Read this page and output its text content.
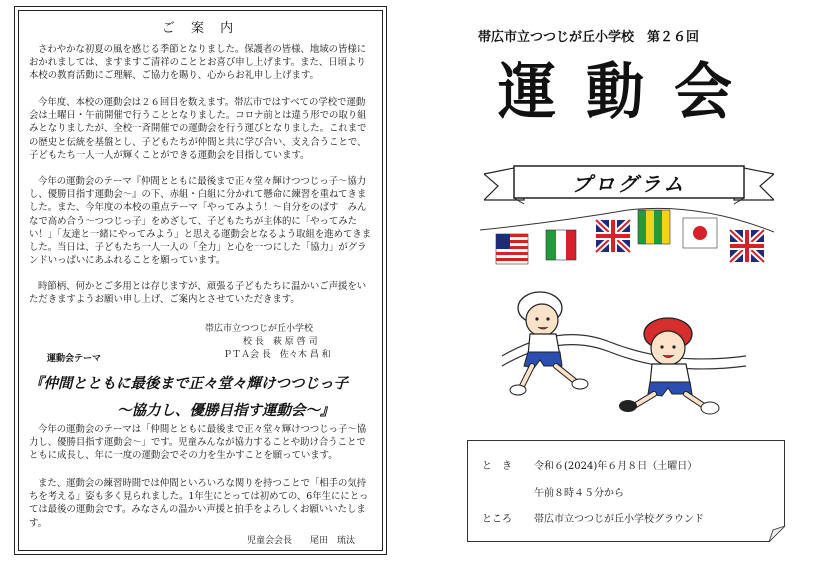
ご 案 内

さわやかな初夏の風を感じる季節となりました。保護者の皆様、地域の皆様におかれましては、ますますご清祥のこととお喜び申し上げます。また、日頃より本校の教育活動にご理解、ご協力を賜り、心からお礼申し上げます。

今年度、本校の運動会は２６回目を数えます。帯広市ではすべての学校で運動会は土曜日・午前開催で行うこととなりました。コロナ前とは違う形での取り組みとなりましたが、全校一斉開催での運動会を行う運びとなりました。これまでの歴史と伝統を基盤とし、子どもたちが仲間と共に学び合い、支え合うことで、子どもたち一人一人が輝くことができる運動会を目指しています。

今年の運動会のテーマ『仲間とともに最後まで正々堂々輝けつつじっ子～協力し、優勝目指す運動会～』の下、赤組・白組に分かれて懸命に練習を重ねてきました。また、今年度の本校の重点テーマ「やってみよう！～自分をのばす　みんなで高め合う～つつじっ子」をめざして、子どもたちが主体的に「やってみたい！」「友達と一緒にやってみよう」と思える運動会となるよう取組を進めてきました。当日は、子どもたち一人一人の「全力」と心を一つにした「協力」がグランドいっぱいにあふれることを願っています。

時節柄、何かとご多用とは存じますが、頑張る子どもたちに温かいご声援をいただきますようお願い申し上げ、ご案内とさせていただきます。

帯広市立つつじが丘小学校
校 長　萩 原 啓 司
ＰＴＡ会 長　佐々木 昌 和
運動会テーマ
『仲間とともに最後まで正々堂々輝けつつじっ子
～協力し、優勝目指す運動会～』

今年の運動会のテーマは「仲間とともに最後まで正々堂々輝けつつじっ子～協力し、優勝目指す運動会～」です。児童みんなが協力することや助け合うことでともに成長し、年に一度の運動会でその力を生かすことを願っています。

また、運動会の練習時間では仲間といろいろな関りを持つことで「相手の気持ちを考える」姿も多く見られました。1年生にとっては初めての、6年生ににとっては最後の運動会です。みなさんの温かい声援と拍手をよろしくお願いいたします。

児童会会長　　尾田　琉汰
帯広市立つつじが丘小学校　第２６回
運動会
プログラム
と　き 令和６(2024)年６月８日（土曜日）
午前８時４５分から
ところ 帯広市立つつじが丘小学校グラウンド
